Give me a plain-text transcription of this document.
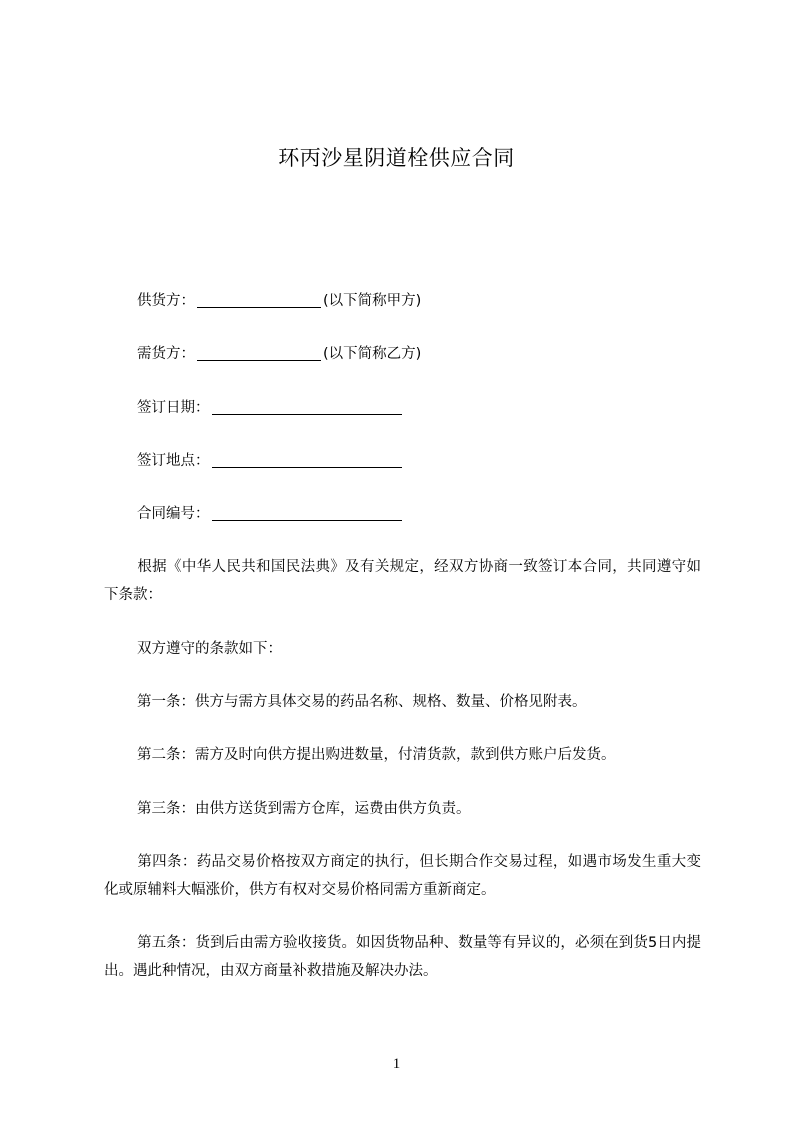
环丙沙星阴道栓供应合同
供货方：	(以下简称甲方)
需货方：	(以下简称乙方)
签订日期：
签订地点：
合同编号：
根据《中华人民共和国民法典》及有关规定，经双方协商一致签订本合同，共同遵守如下条款：
双方遵守的条款如下：
第一条：供方与需方具体交易的药品名称、规格、数量、价格见附表。
第二条：需方及时向供方提出购进数量，付清货款，款到供方账户后发货。
第三条：由供方送货到需方仓库，运费由供方负责。
第四条：药品交易价格按双方商定的执行，但长期合作交易过程，如遇市场发生重大变化或原辅料大幅涨价，供方有权对交易价格同需方重新商定。
第五条：货到后由需方验收接货。如因货物品种、数量等有异议的，必须在到货5日内提出。遇此种情况，由双方商量补救措施及解决办法。
1
